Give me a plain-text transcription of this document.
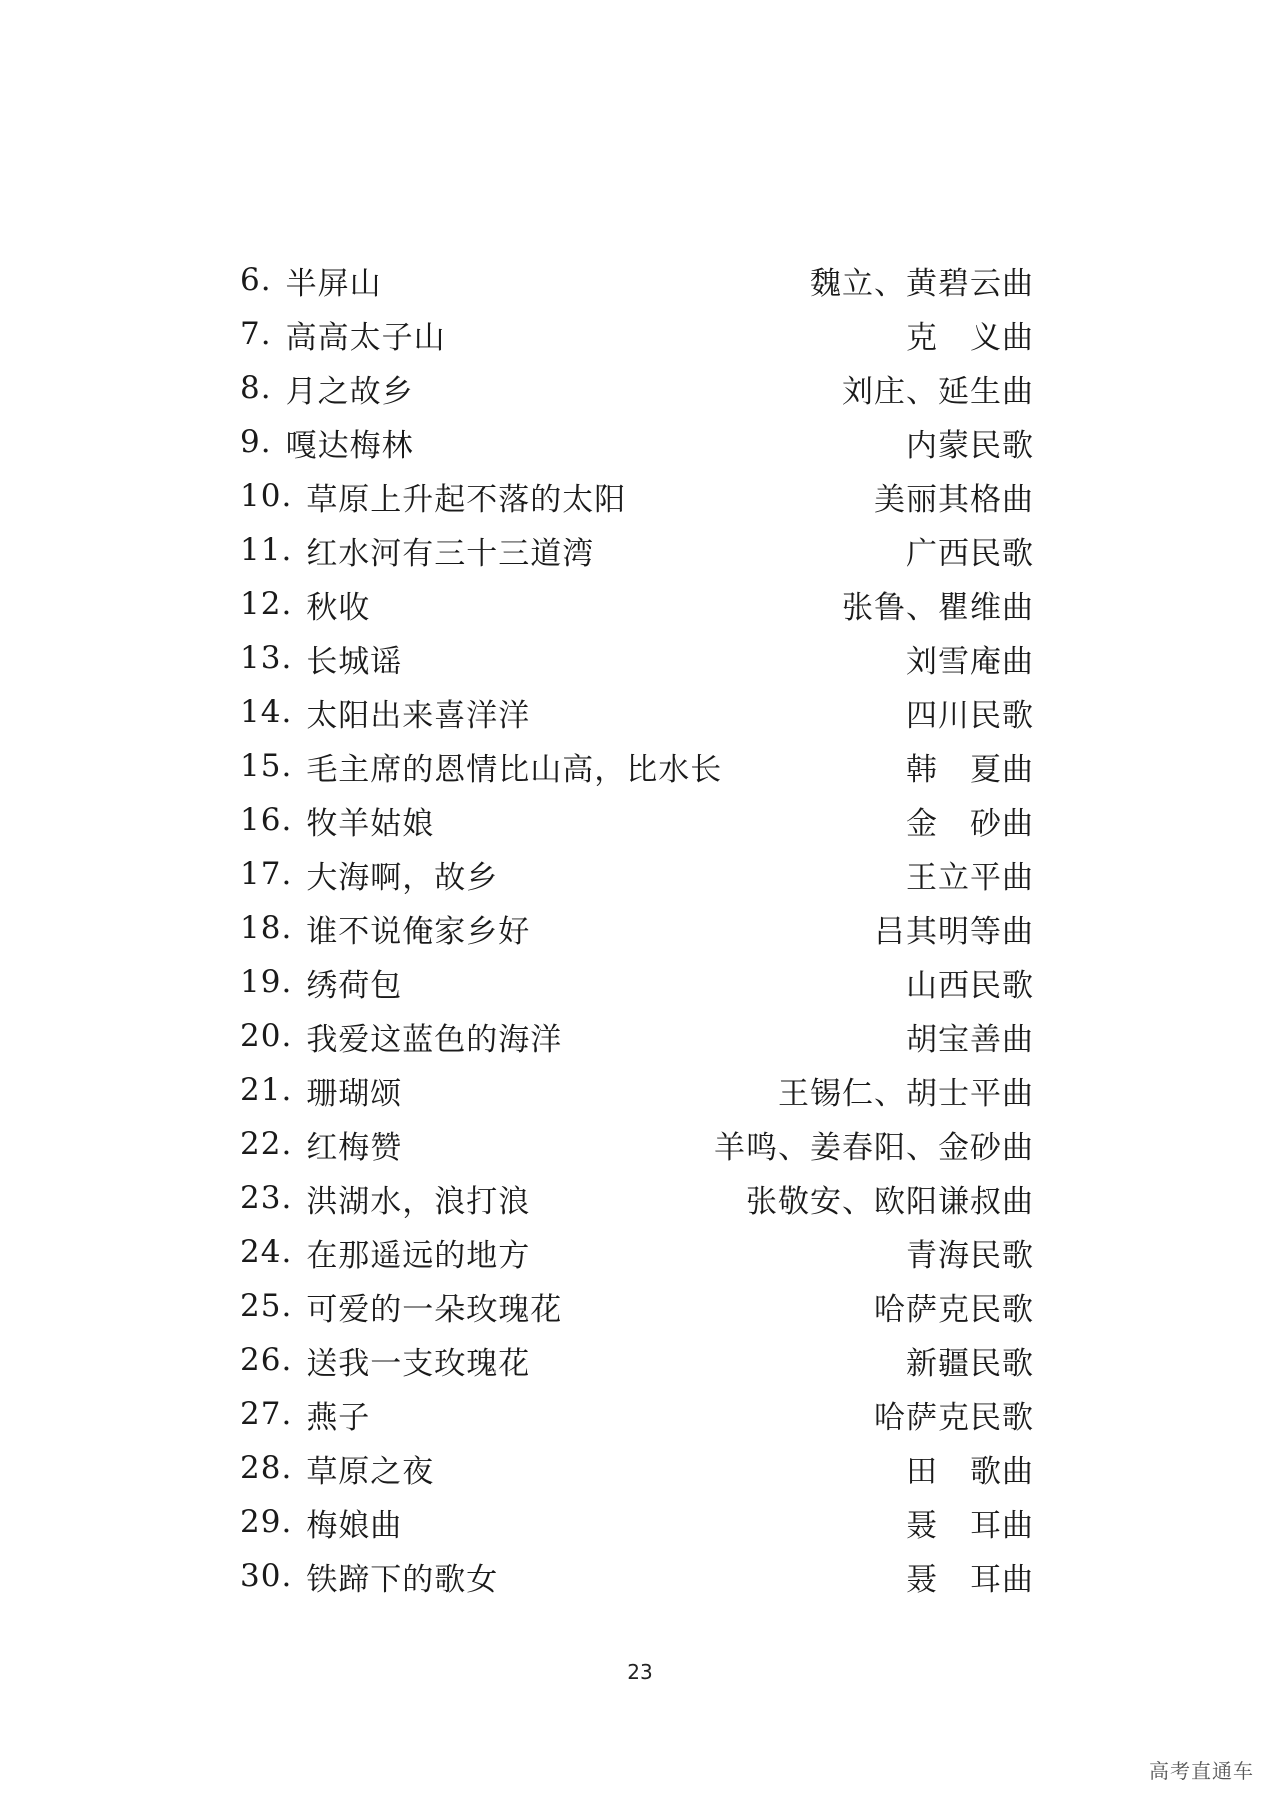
6. 半屏山	魏立、黄碧云曲
7. 高高太子山	克　义曲
8. 月之故乡	刘庄、延生曲
9. 嘎达梅林	内蒙民歌
10. 草原上升起不落的太阳	美丽其格曲
11. 红水河有三十三道湾	广西民歌
12. 秋收	张鲁、瞿维曲
13. 长城谣	刘雪庵曲
14. 太阳出来喜洋洋	四川民歌
15. 毛主席的恩情比山高，比水长	韩　夏曲
16. 牧羊姑娘	金　砂曲
17. 大海啊，故乡	王立平曲
18. 谁不说俺家乡好	吕其明等曲
19. 绣荷包	山西民歌
20. 我爱这蓝色的海洋	胡宝善曲
21. 珊瑚颂	王锡仁、胡士平曲
22. 红梅赞	羊鸣、姜春阳、金砂曲
23. 洪湖水，浪打浪	张敬安、欧阳谦叔曲
24. 在那遥远的地方	青海民歌
25. 可爱的一朵玫瑰花	哈萨克民歌
26. 送我一支玫瑰花	新疆民歌
27. 燕子	哈萨克民歌
28. 草原之夜	田　歌曲
29. 梅娘曲	聂　耳曲
30. 铁蹄下的歌女	聂　耳曲
23
高考直通车
